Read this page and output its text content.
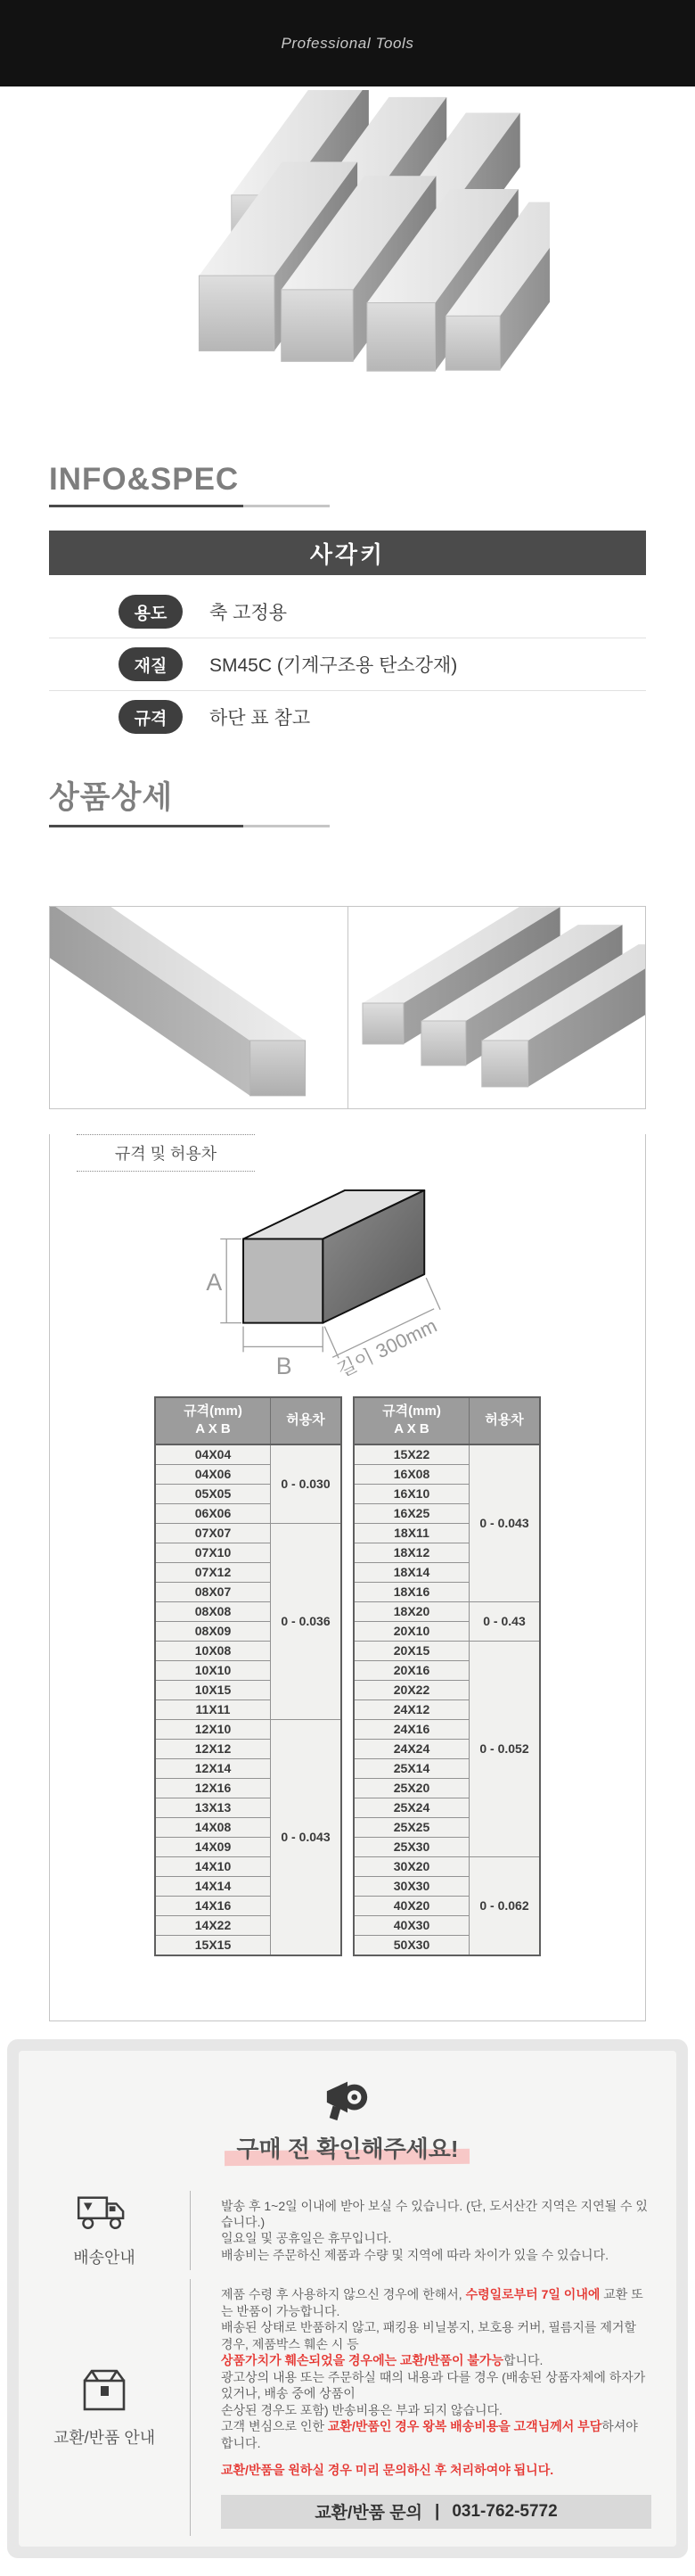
Professional Tools
INFO&SPEC
사각키
용도	축 고정용
재질	SM45C (기계구조용 탄소강재)
규격	하단 표 참고
상품상세
규격 및 허용차
A
B 길이 300mm
규격(mm)
A X B	허용차
04X04	0 - 0.030
04X06	
05X05	
06X06	
07X07	0 - 0.036
07X10	
07X12	
08X07	
08X08	
08X09	
10X08	
10X10	
10X15	
11X11	
12X10	0 - 0.043
12X12	
12X14	
12X16	
13X13	
14X08	
14X09	
14X10	
14X14	
14X16	
14X22	
15X15	
규격(mm)
A X B	허용차
15X22	0 - 0.043
16X08	
16X10	
16X25	
18X11	
18X12	
18X14	
18X16	
18X20	0 - 0.43
20X10	
20X15	0 - 0.052
20X16	
20X22	
24X12	
24X16	
24X24	
25X14	
25X20	
25X24	
25X25	
25X30	
30X20	0 - 0.062
30X30	
40X20	
40X30	
50X30	
구매 전 확인해주세요!
배송안내

발송 후 1~2일 이내에 받아 보실 수 있습니다. (단, 도서산간 지역은 지연될 수 있습니다.)

일요일 및 공휴일은 휴무입니다.

배송비는 주문하신 제품과 수량 및 지역에 따라 차이가 있을 수 있습니다.

교환/반품 안내

제품 수령 후 사용하지 않으신 경우에 한해서, 수령일로부터 7일 이내에 교환 또는 반품이 가능합니다.

배송된 상태로 반품하지 않고, 패킹용 비닐봉지, 보호용 커버, 필름지를 제거할 경우, 제품박스 훼손 시 등

상품가치가 훼손되었을 경우에는 교환/반품이 불가능합니다.

광고상의 내용 또는 주문하실 때의 내용과 다를 경우 (배송된 상품자체에 하자가 있거나, 배송 중에 상품이

손상된 경우도 포함) 반송비용은 부과 되지 않습니다.

고객 변심으로 인한 교환/반품인 경우 왕복 배송비용을 고객님께서 부담하셔야 합니다.

교환/반품을 원하실 경우 미리 문의하신 후 처리하여야 됩니다.

교환/반품 문의 | 031-762-5772
